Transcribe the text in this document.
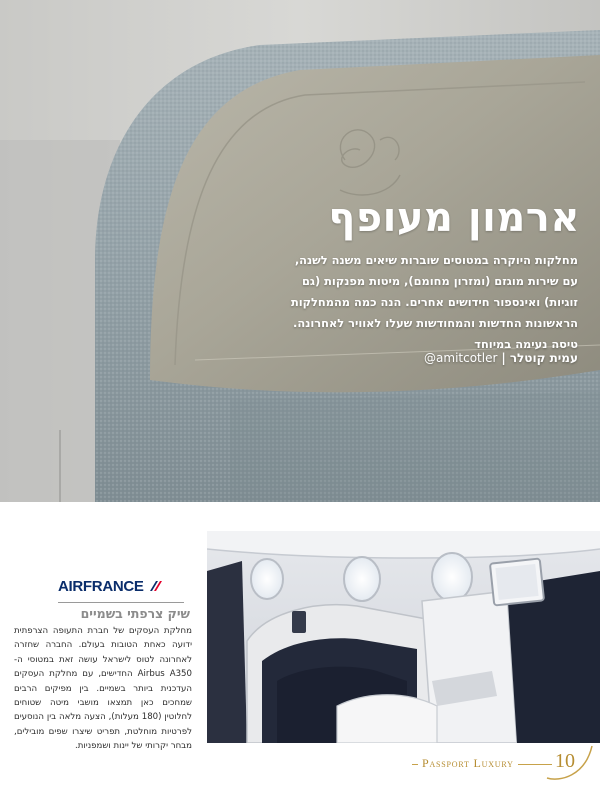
ארמון מעופף
מחלקות היוקרה במטוסים שוברות שיאים משנה לשנה, עם שירות מוגזם (ומזרון מחומם), מיטות מפנקות (גם זוגיות) ואינספור חידושים אחרים. הנה כמה מהמחלקות הראשונות החדשות והמחודשות שעלו לאוויר לאחרונה. טיסה נעימה במיוחד
עמית קוטלר|@amitcotler
AIRFRANCE
שיק צרפתי בשמיים
מחלקת העסקים של חברת התעופה הצרפתית ידועה כאחת הטובות בעולם. החברה שחזרה לאחרונה לטוס לישראל עושה זאת במטוסי ה-Airbus A350 החדישים, עם מחלקת העסקים העדכנית ביותר בשמיים. בין מפיקים הרבים שמחכים כאן תמצאו מושבי מיטה שטוחים לחלוטין (180 מעלות), הצעה מלאה בין הנוסעים לפרטיות מוחלטת, תפריט שיצרו שפים מובילים, מבחר יקרותי של יינות ושמפניות.
Passport Luxury 10
